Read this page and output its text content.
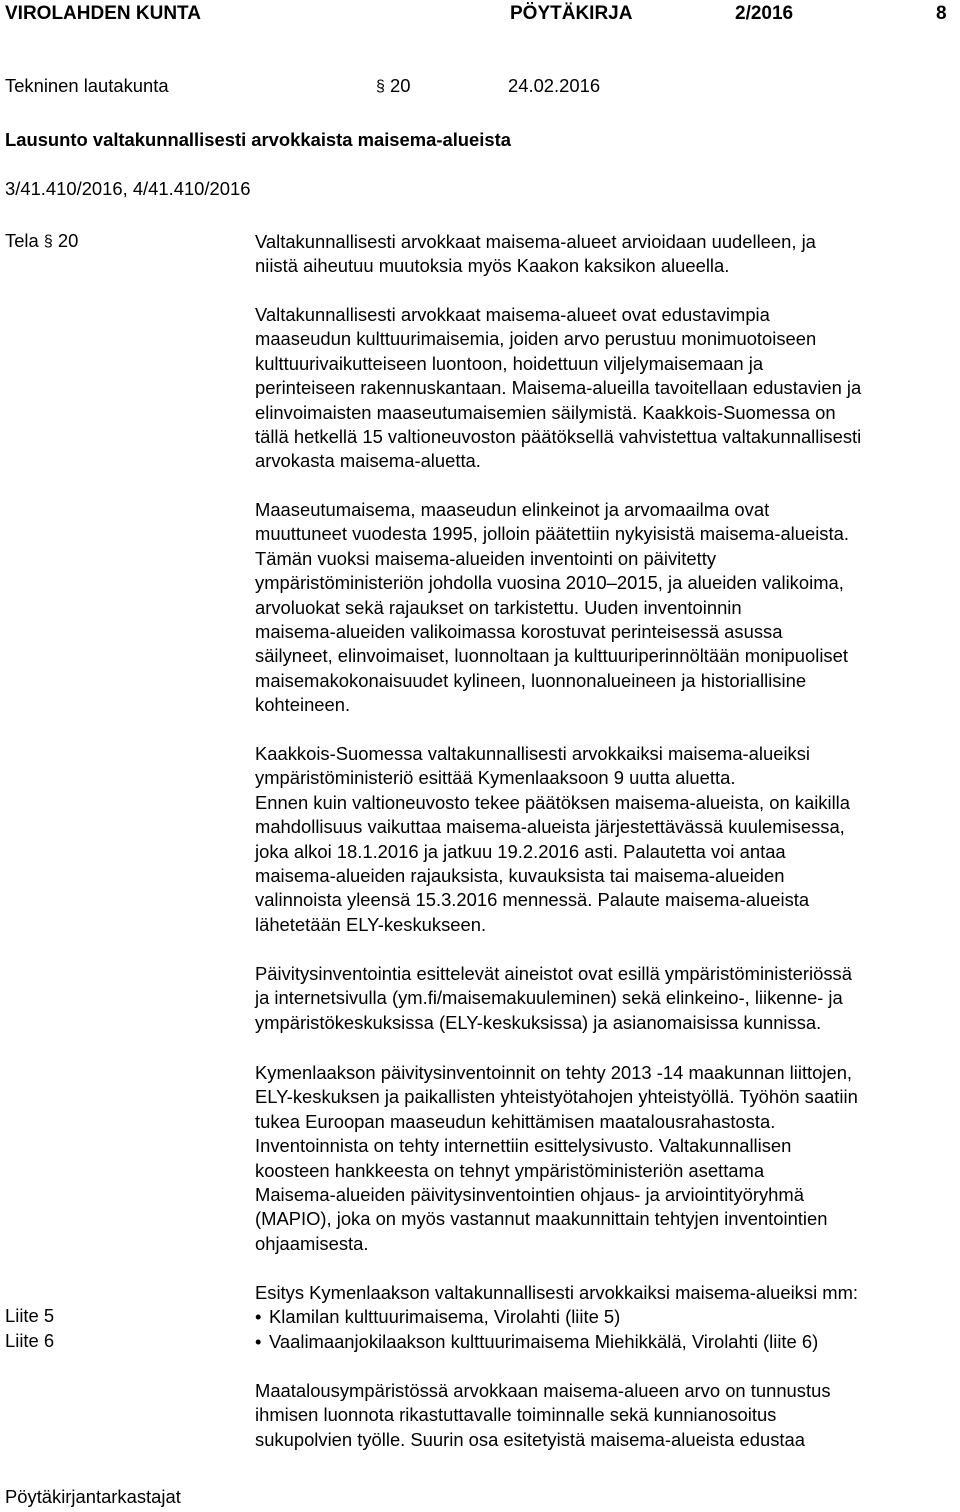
VIROLAHDEN KUNTA	PÖYTÄKIRJA	2/2016	8
Tekninen lautakunta	§ 20	24.02.2016
Lausunto valtakunnallisesti arvokkaista maisema-alueista
3/41.410/2016, 4/41.410/2016
Tela § 20	Valtakunnallisesti arvokkaat maisema-alueet arvioidaan uudelleen, ja

niistä aiheutuu muutoksia myös Kaakon kaksikon alueella.

Valtakunnallisesti arvokkaat maisema-alueet ovat edustavimpia

maaseudun kulttuurimaisemia, joiden arvo perustuu monimuotoiseen

kulttuurivaikutteiseen luontoon, hoidettuun viljelymaisemaan ja

perinteiseen rakennuskantaan. Maisema-alueilla tavoitellaan edustavien ja

elinvoimaisten maaseutumaisemien säilymistä. Kaakkois-Suomessa on

tällä hetkellä 15 valtioneuvoston päätöksellä vahvistettua valtakunnallisesti

arvokasta maisema-aluetta.

Maaseutumaisema, maaseudun elinkeinot ja arvomaailma ovat

muuttuneet vuodesta 1995, jolloin päätettiin nykyisistä maisema-alueista.

Tämän vuoksi maisema-alueiden inventointi on päivitetty

ympäristöministeriön johdolla vuosina 2010–2015, ja alueiden valikoima,

arvoluokat sekä rajaukset on tarkistettu. Uuden inventoinnin

maisema-alueiden valikoimassa korostuvat perinteisessä asussa

säilyneet, elinvoimaiset, luonnoltaan ja kulttuuriperinnöltään monipuoliset

maisemakokonaisuudet kylineen, luonnonalueineen ja historiallisine

kohteineen.

Kaakkois-Suomessa valtakunnallisesti arvokkaiksi maisema-alueiksi

ympäristöministeriö esittää Kymenlaaksoon 9 uutta aluetta.

Ennen kuin valtioneuvosto tekee päätöksen maisema-alueista, on kaikilla

mahdollisuus vaikuttaa maisema-alueista järjestettävässä kuulemisessa,

joka alkoi 18.1.2016 ja jatkuu 19.2.2016 asti. Palautetta voi antaa

maisema-alueiden rajauksista, kuvauksista tai maisema-alueiden

valinnoista yleensä 15.3.2016 mennessä. Palaute maisema-alueista

lähetetään ELY-keskukseen.

Päivitysinventointia esittelevät aineistot ovat esillä ympäristöministeriössä

ja internetsivulla (ym.fi/maisemakuuleminen) sekä elinkeino-, liikenne- ja

ympäristökeskuksissa (ELY-keskuksissa) ja asianomaisissa kunnissa.

Kymenlaakson päivitysinventoinnit on tehty 2013 -14 maakunnan liittojen,

ELY-keskuksen ja paikallisten yhteistyötahojen yhteistyöllä. Työhön saatiin

tukea Euroopan maaseudun kehittämisen maatalousrahastosta.

Inventoinnista on tehty internettiin esittelysivusto. Valtakunnallisen

koosteen hankkeesta on tehnyt ympäristöministeriön asettama

Maisema-alueiden päivitysinventointien ohjaus- ja arviointityöryhmä

(MAPIO), joka on myös vastannut maakunnittain tehtyjen inventointien

ohjaamisesta.

Esitys Kymenlaakson valtakunnallisesti arvokkaiksi maisema-alueiksi mm:

• Klamilan kulttuurimaisema, Virolahti (liite 5)
• Vaalimaanjokilaakson kulttuurimaisema Miehikkälä, Virolahti (liite 6)
Liite 5
Liite 6

Maatalousympäristössä arvokkaan maisema-alueen arvo on tunnustus

ihmisen luonnota rikastuttavalle toiminnalle sekä kunnianosoitus

sukupolvien työlle. Suurin osa esitetyistä maisema-alueista edustaa

Pöytäkirjantarkastajat
